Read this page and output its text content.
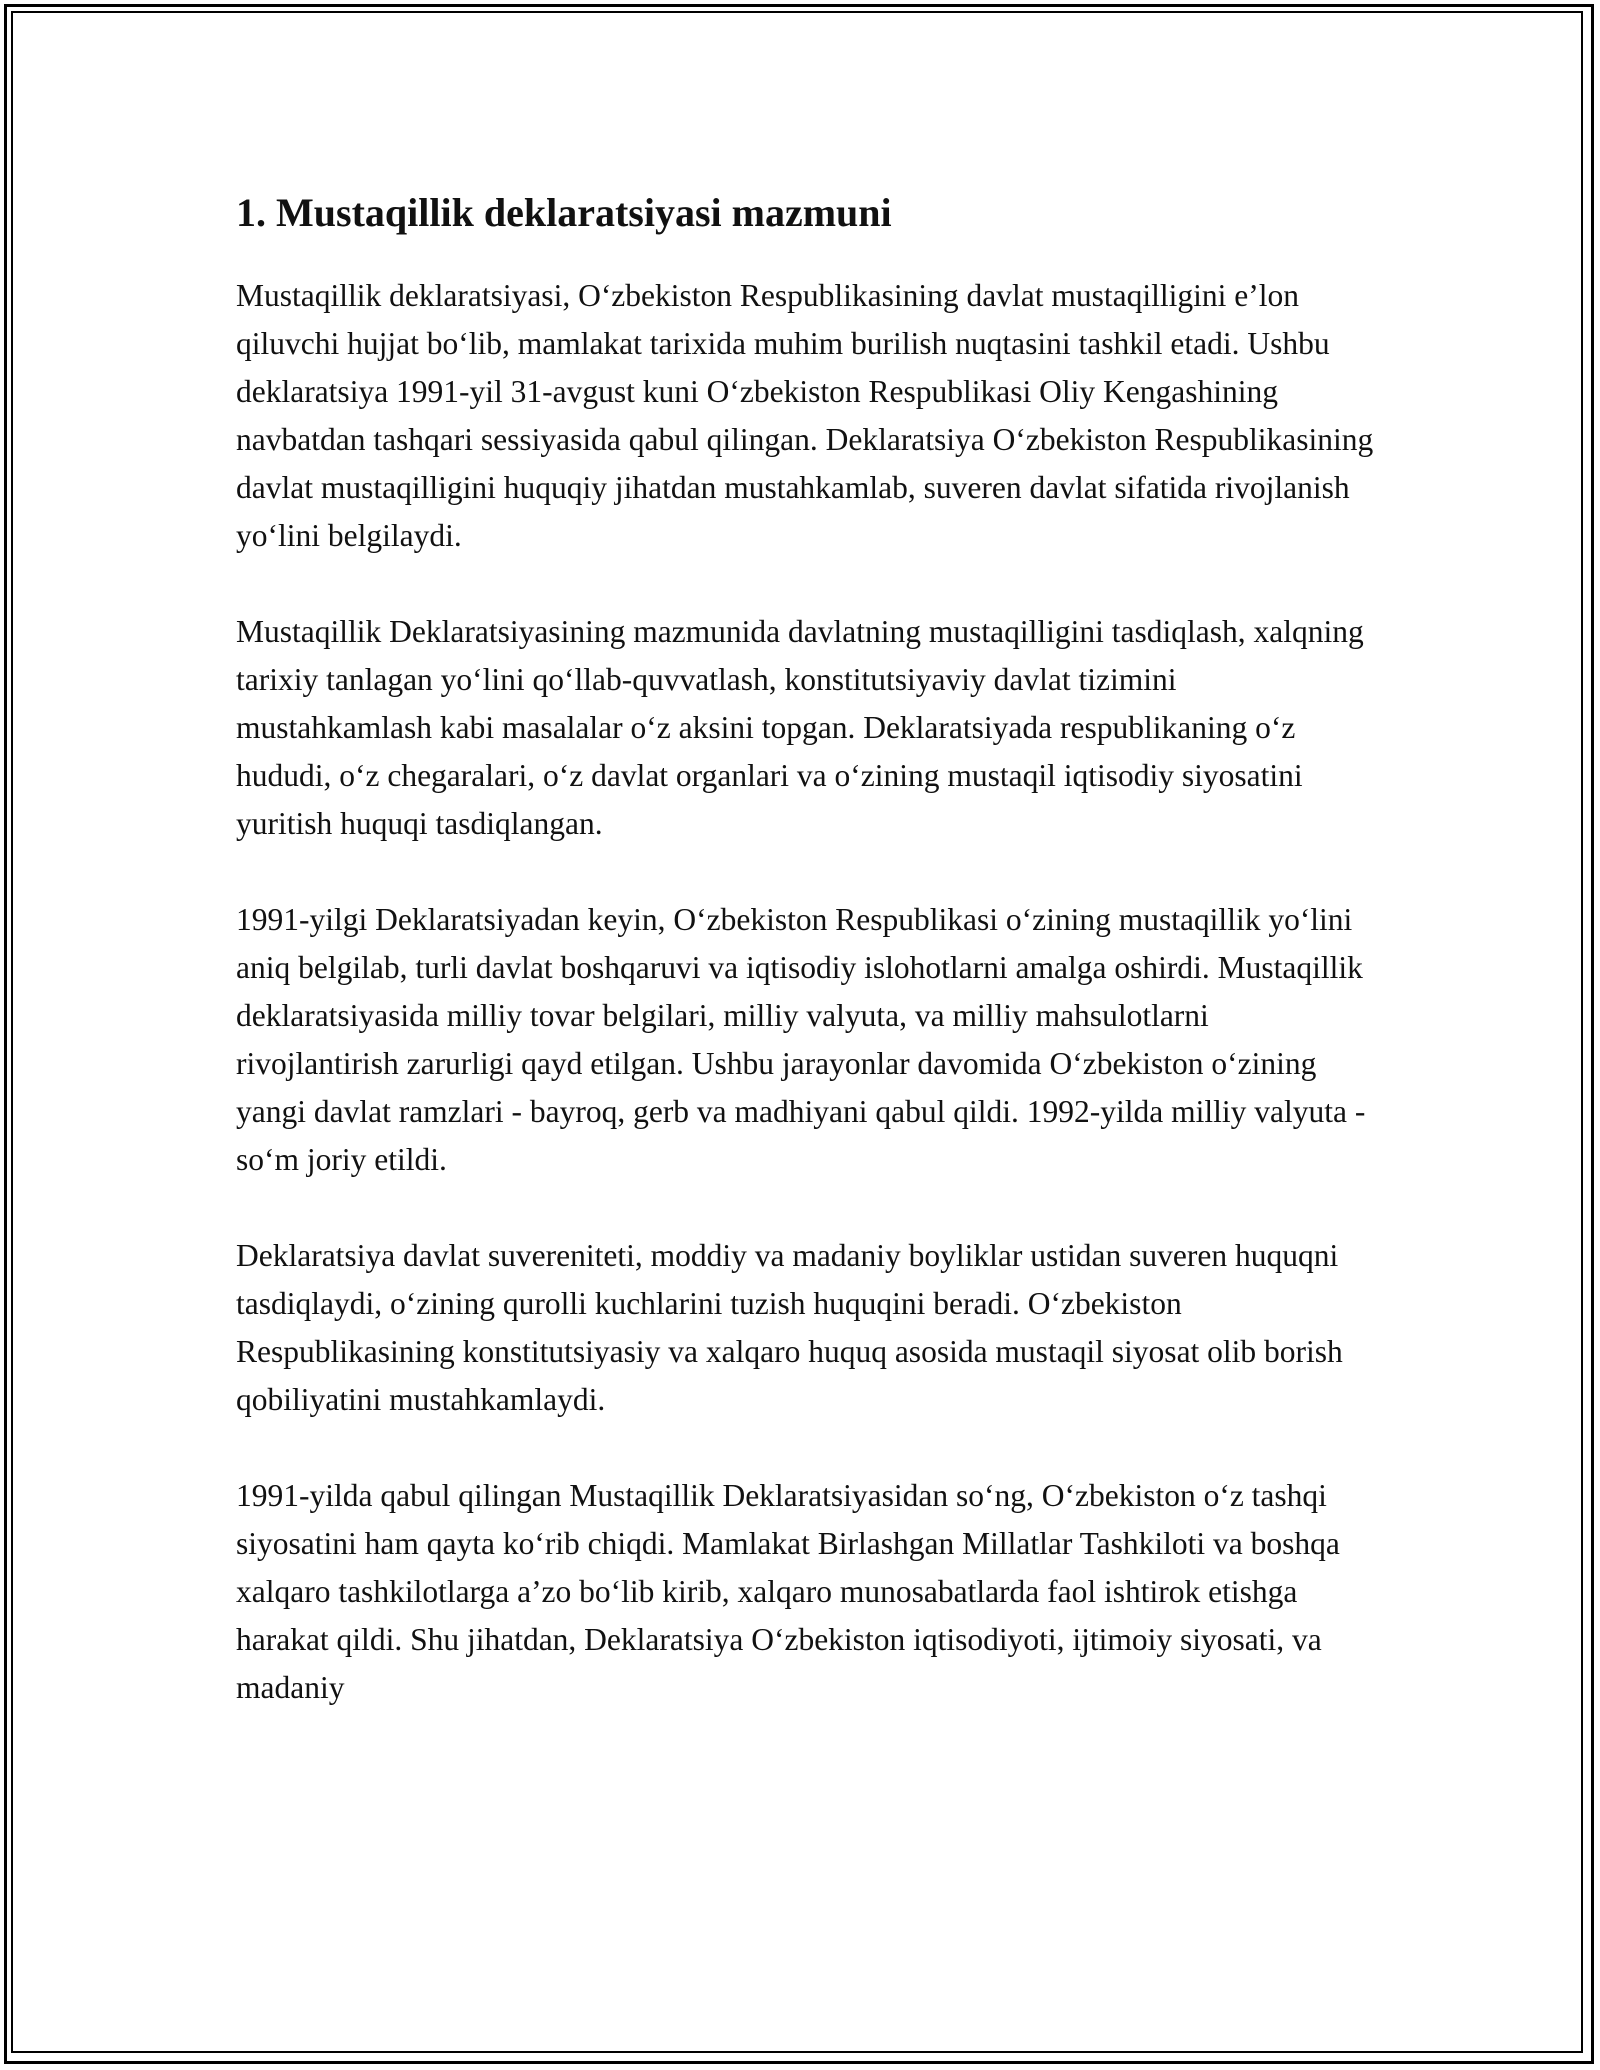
1. Mustaqillik deklaratsiyasi mazmuni

Mustaqillik deklaratsiyasi, O‘zbekiston Respublikasining davlat mustaqilligini e’lon qiluvchi hujjat bo‘lib, mamlakat tarixida muhim burilish nuqtasini tashkil etadi. Ushbu deklaratsiya 1991-yil 31-avgust kuni O‘zbekiston Respublikasi Oliy Kengashining navbatdan tashqari sessiyasida qabul qilingan. Deklaratsiya O‘zbekiston Respublikasining davlat mustaqilligini huquqiy jihatdan mustahkamlab, suveren davlat sifatida rivojlanish yo‘lini belgilaydi.

Mustaqillik Deklaratsiyasining mazmunida davlatning mustaqilligini tasdiqlash, xalqning tarixiy tanlagan yo‘lini qo‘llab-quvvatlash, konstitutsiyaviy davlat tizimini mustahkamlash kabi masalalar o‘z aksini topgan. Deklaratsiyada respublikaning o‘z hududi, o‘z chegaralari, o‘z davlat organlari va o‘zining mustaqil iqtisodiy siyosatini yuritish huquqi tasdiqlangan.

1991-yilgi Deklaratsiyadan keyin, O‘zbekiston Respublikasi o‘zining mustaqillik yo‘lini aniq belgilab, turli davlat boshqaruvi va iqtisodiy islohotlarni amalga oshirdi. Mustaqillik deklaratsiyasida milliy tovar belgilari, milliy valyuta, va milliy mahsulotlarni rivojlantirish zarurligi qayd etilgan. Ushbu jarayonlar davomida O‘zbekiston o‘zining yangi davlat ramzlari - bayroq, gerb va madhiyani qabul qildi. 1992-yilda milliy valyuta - so‘m joriy etildi.

Deklaratsiya davlat suvereniteti, moddiy va madaniy boyliklar ustidan suveren huquqni tasdiqlaydi, o‘zining qurolli kuchlarini tuzish huquqini beradi. O‘zbekiston Respublikasining konstitutsiyasiy va xalqaro huquq asosida mustaqil siyosat olib borish qobiliyatini mustahkamlaydi.

1991-yilda qabul qilingan Mustaqillik Deklaratsiyasidan so‘ng, O‘zbekiston o‘z tashqi siyosatini ham qayta ko‘rib chiqdi. Mamlakat Birlashgan Millatlar Tashkiloti va boshqa xalqaro tashkilotlarga a’zo bo‘lib kirib, xalqaro munosabatlarda faol ishtirok etishga harakat qildi. Shu jihatdan, Deklaratsiya O‘zbekiston iqtisodiyoti, ijtimoiy siyosati, va madaniy
